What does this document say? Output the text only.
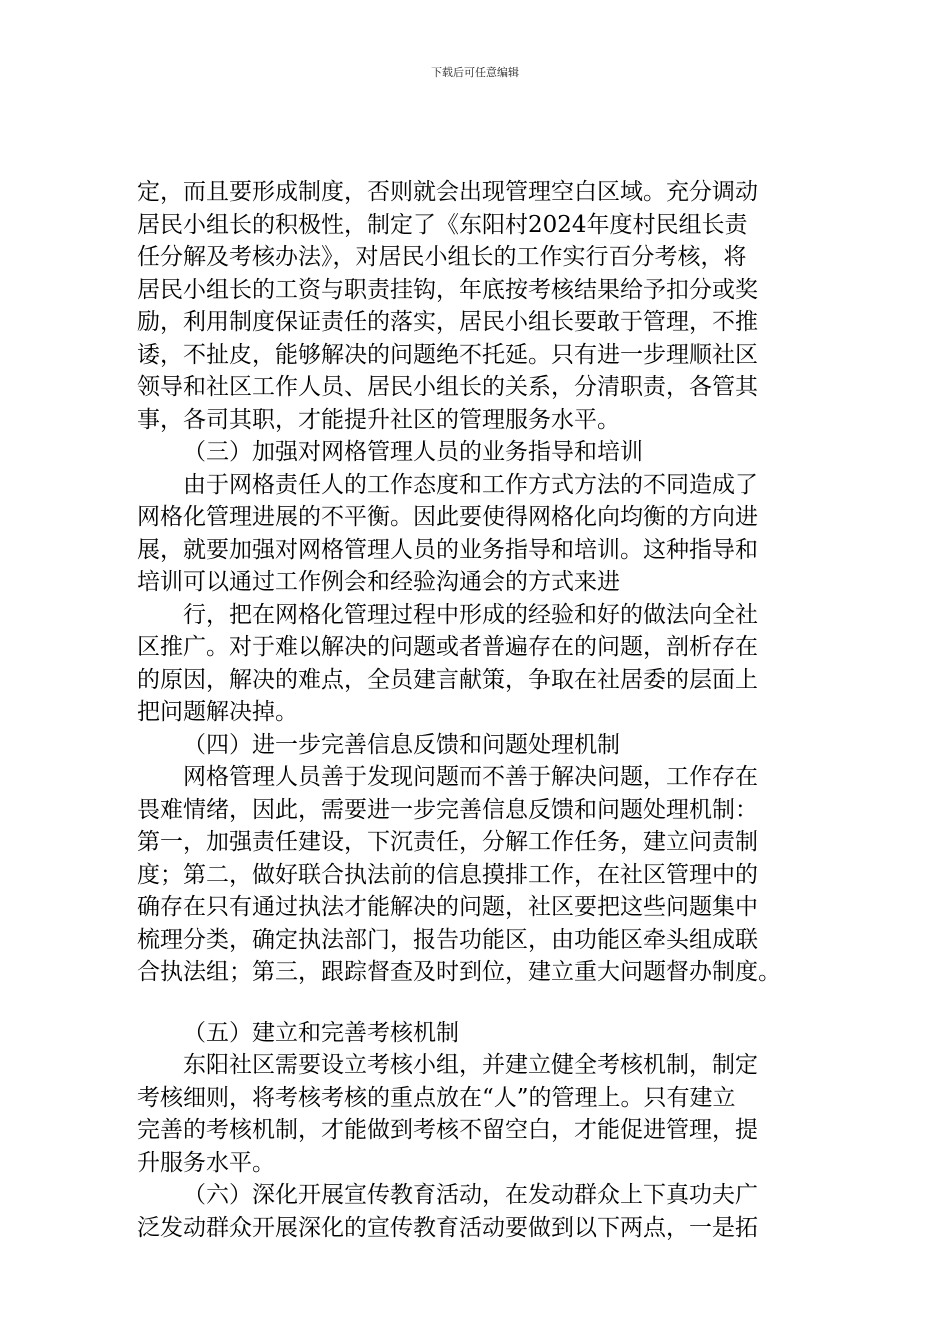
下载后可任意编辑
定，而且要形成制度，否则就会出现管理空白区域。充分调动
居民小组长的积极性，制定了《东阳村2024年度村民组长责
任分解及考核办法》，对居民小组长的工作实行百分考核，将
居民小组长的工资与职责挂钩，年底按考核结果给予扣分或奖
励，利用制度保证责任的落实，居民小组长要敢于管理，不推
诿，不扯皮，能够解决的问题绝不托延。只有进一步理顺社区
领导和社区工作人员、居民小组长的关系，分清职责，各管其
事，各司其职，才能提升社区的管理服务水平。
（三）加强对网格管理人员的业务指导和培训
由于网格责任人的工作态度和工作方式方法的不同造成了
网格化管理进展的不平衡。因此要使得网格化向均衡的方向进
展，就要加强对网格管理人员的业务指导和培训。这种指导和
培训可以通过工作例会和经验沟通会的方式来进
行，把在网格化管理过程中形成的经验和好的做法向全社
区推广。对于难以解决的问题或者普遍存在的问题，剖析存在
的原因，解决的难点，全员建言献策，争取在社居委的层面上
把问题解决掉。
（四）进一步完善信息反馈和问题处理机制
网格管理人员善于发现问题而不善于解决问题，工作存在
畏难情绪，因此，需要进一步完善信息反馈和问题处理机制：
第一，加强责任建设，下沉责任，分解工作任务，建立问责制
度；第二，做好联合执法前的信息摸排工作，在社区管理中的
确存在只有通过执法才能解决的问题，社区要把这些问题集中
梳理分类，确定执法部门，报告功能区，由功能区牵头组成联
合执法组；第三，跟踪督查及时到位，建立重大问题督办制度。
（五）建立和完善考核机制
东阳社区需要设立考核小组，并建立健全考核机制，制定
考核细则，将考核考核的重点放在“人”的管理上。只有建立
完善的考核机制，才能做到考核不留空白，才能促进管理，提
升服务水平。
（六）深化开展宣传教育活动，在发动群众上下真功夫广
泛发动群众开展深化的宣传教育活动要做到以下两点，一是拓
